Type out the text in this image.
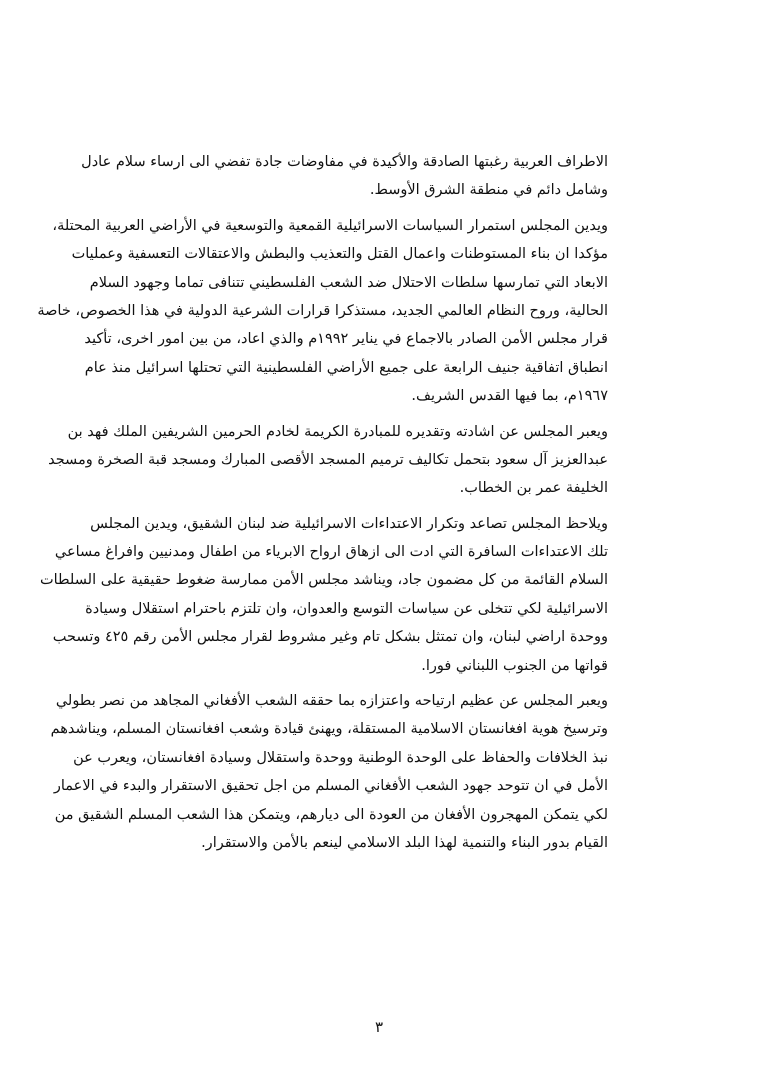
الاطراف العربية رغبتها الصادقة والأكيدة في مفاوضات جادة تفضي الى ارساء سلام عادل
وشامل دائم في منطقة الشرق الأوسط.
ويدين المجلس استمرار السياسات الاسرائيلية القمعية والتوسعية في الأراضي العربية المحتلة،
مؤكدا ان بناء المستوطنات واعمال القتل والتعذيب والبطش والاعتقالات التعسفية وعمليات
الابعاد التي تمارسها سلطات الاحتلال ضد الشعب الفلسطيني تتنافى تماما وجهود السلام
الحالية، وروح النظام العالمي الجديد، مستذكرا قرارات الشرعية الدولية في هذا الخصوص، خاصة
قرار مجلس الأمن الصادر بالاجماع في يناير ١٩٩٢م والذي اعاد، من بين امور اخرى، تأكيد
انطباق اتفاقية جنيف الرابعة على جميع الأراضي الفلسطينية التي تحتلها اسرائيل منذ عام
١٩٦٧م، بما فيها القدس الشريف.
ويعبر المجلس عن اشادته وتقديره للمبادرة الكريمة لخادم الحرمين الشريفين الملك فهد بن
عبدالعزيز آل سعود بتحمل تكاليف ترميم المسجد الأقصى المبارك ومسجد قبة الصخرة ومسجد
الخليفة عمر بن الخطاب.
ويلاحظ المجلس تصاعد وتكرار الاعتداءات الاسرائيلية ضد لبنان الشقيق، ويدين المجلس
تلك الاعتداءات السافرة التي ادت الى ازهاق ارواح الابرياء من اطفال ومدنيين وافراغ مساعي
السلام القائمة من كل مضمون جاد، ويناشد مجلس الأمن ممارسة ضغوط حقيقية على السلطات
الاسرائيلية لكي تتخلى عن سياسات التوسع والعدوان، وان تلتزم باحترام استقلال وسيادة
ووحدة اراضي لبنان، وان تمتثل بشكل تام وغير مشروط لقرار مجلس الأمن رقم ٤٢٥ وتسحب
قواتها من الجنوب اللبناني فورا.
ويعبر المجلس عن عظيم ارتياحه واعتزازه بما حققه الشعب الأفغاني المجاهد من نصر بطولي
وترسيخ هوية افغانستان الاسلامية المستقلة، ويهنئ قيادة وشعب افغانستان المسلم، ويناشدهم
نبذ الخلافات والحفاظ على الوحدة الوطنية ووحدة واستقلال وسيادة افغانستان، ويعرب عن
الأمل في ان تتوحد جهود الشعب الأفغاني المسلم من اجل تحقيق الاستقرار والبدء في الاعمار
لكي يتمكن المهجرون الأفغان من العودة الى ديارهم، ويتمكن هذا الشعب المسلم الشقيق من
القيام بدور البناء والتنمية لهذا البلد الاسلامي لينعم بالأمن والاستقرار.
٣
